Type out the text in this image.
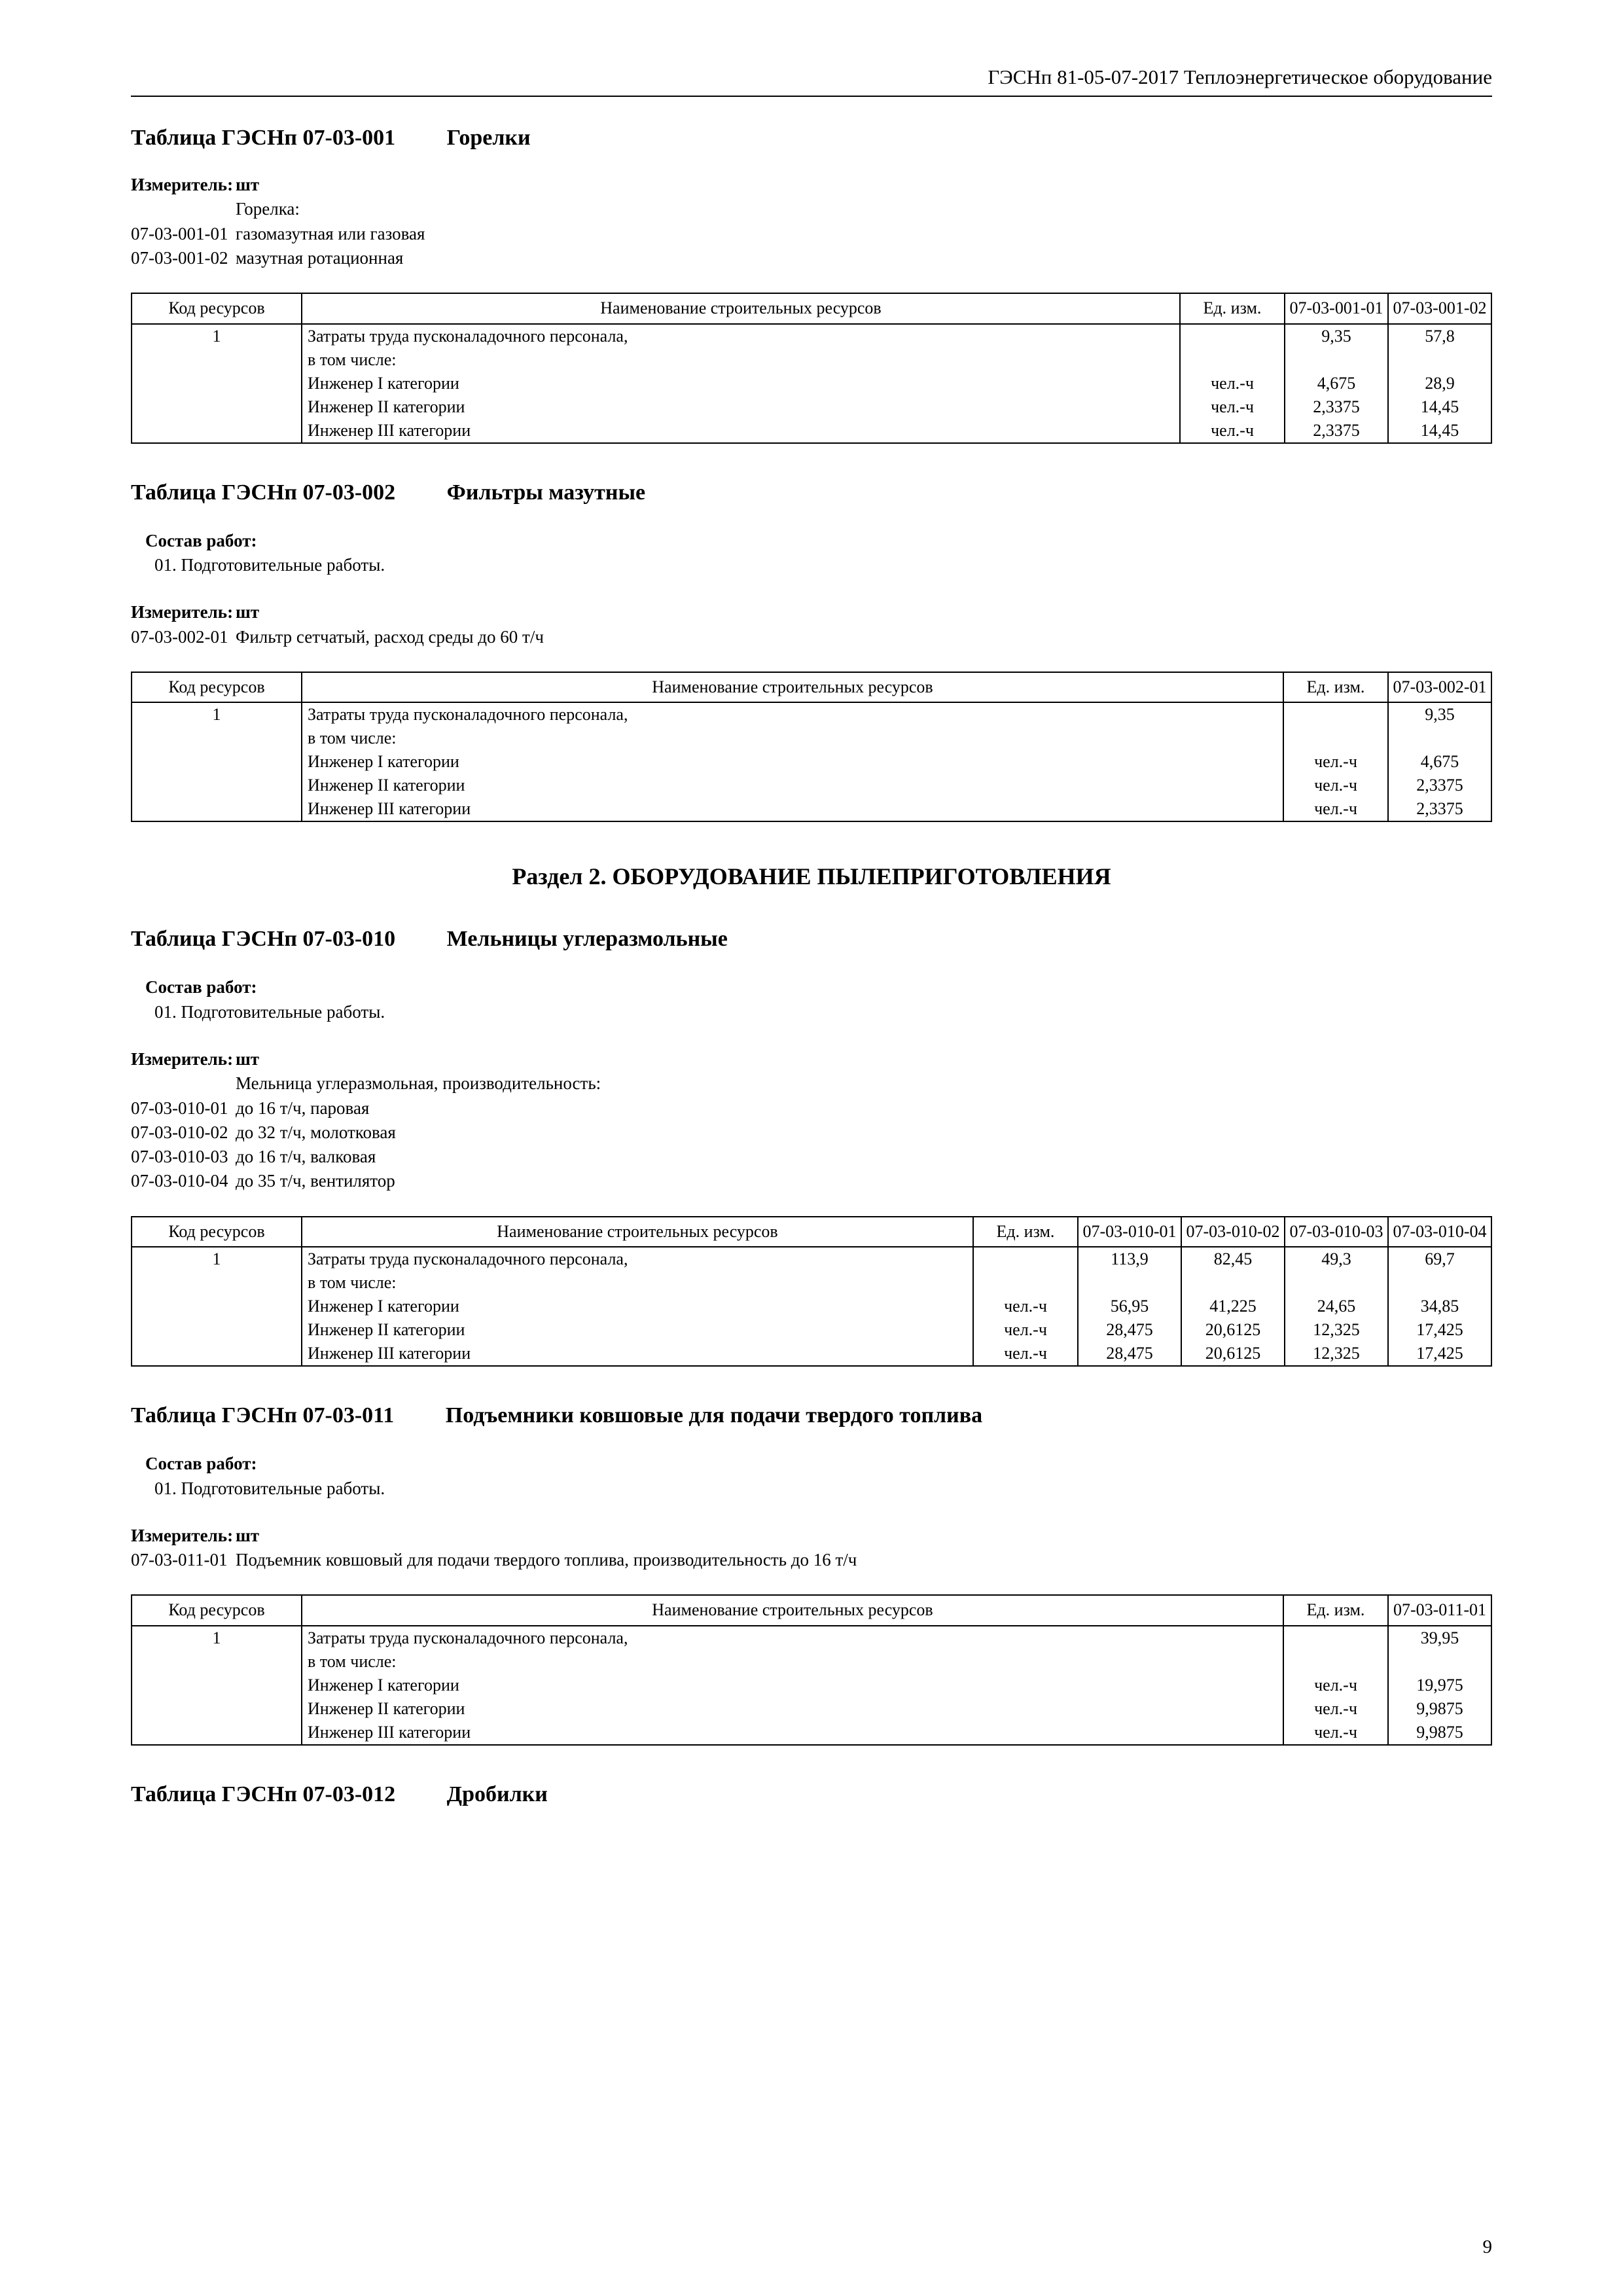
ГЭСНп 81-05-07-2017 Теплоэнергетическое оборудование
Таблица ГЭСНп 07-03-001 Горелки
Измеритель: шт
Горелка:
07-03-001-01 газомазутная или газовая
07-03-001-02 мазутная ротационная
Код ресурсов	Наименование строительных ресурсов	Ед. изм.	07-03-001-01	07-03-001-02
1	Затраты труда пусконаладочного персонала,		9,35	57,8
	в том числе:			
	Инженер I категории	чел.-ч	4,675	28,9
	Инженер II категории	чел.-ч	2,3375	14,45
	Инженер III категории	чел.-ч	2,3375	14,45
Таблица ГЭСНп 07-03-002 Фильтры мазутные
Состав работ:
01. Подготовительные работы.
Измеритель: шт
07-03-002-01 Фильтр сетчатый, расход среды до 60 т/ч
Код ресурсов	Наименование строительных ресурсов	Ед. изм.	07-03-002-01
1	Затраты труда пусконаладочного персонала,		9,35
	в том числе:		
	Инженер I категории	чел.-ч	4,675
	Инженер II категории	чел.-ч	2,3375
	Инженер III категории	чел.-ч	2,3375
Раздел 2. ОБОРУДОВАНИЕ ПЫЛЕПРИГОТОВЛЕНИЯ
Таблица ГЭСНп 07-03-010 Мельницы углеразмольные
Состав работ:
01. Подготовительные работы.
Измеритель: шт
Мельница углеразмольная, производительность:
07-03-010-01 до 16 т/ч, паровая
07-03-010-02 до 32 т/ч, молотковая
07-03-010-03 до 16 т/ч, валковая
07-03-010-04 до 35 т/ч, вентилятор
Код ресурсов	Наименование строительных ресурсов	Ед. изм.	07-03-010-01	07-03-010-02	07-03-010-03	07-03-010-04
1	Затраты труда пусконаладочного персонала,		113,9	82,45	49,3	69,7
	в том числе:					
	Инженер I категории	чел.-ч	56,95	41,225	24,65	34,85
	Инженер II категории	чел.-ч	28,475	20,6125	12,325	17,425
	Инженер III категории	чел.-ч	28,475	20,6125	12,325	17,425
Таблица ГЭСНп 07-03-011 Подъемники ковшовые для подачи твердого топлива
Состав работ:
01. Подготовительные работы.
Измеритель: шт
07-03-011-01 Подъемник ковшовый для подачи твердого топлива, производительность до 16 т/ч
Код ресурсов	Наименование строительных ресурсов	Ед. изм.	07-03-011-01
1	Затраты труда пусконаладочного персонала,		39,95
	в том числе:		
	Инженер I категории	чел.-ч	19,975
	Инженер II категории	чел.-ч	9,9875
	Инженер III категории	чел.-ч	9,9875
Таблица ГЭСНп 07-03-012 Дробилки
9
